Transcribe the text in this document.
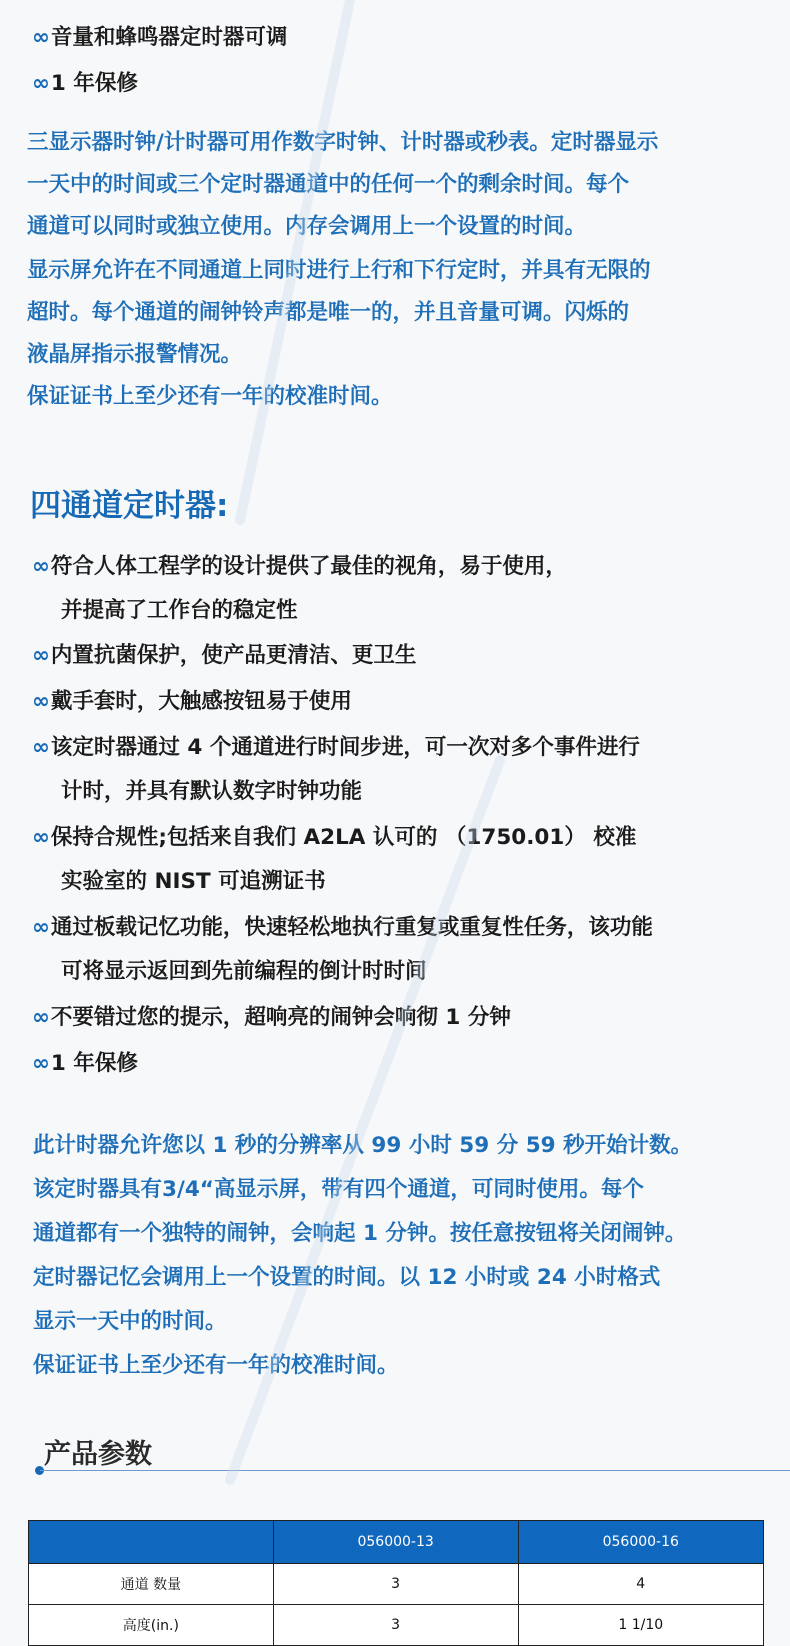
∞音量和蜂鸣器定时器可调
∞1 年保修
三显示器时钟/计时器可用作数字时钟、计时器或秒表。定时器显示
一天中的时间或三个定时器通道中的任何一个的剩余时间。每个
通道可以同时或独立使用。内存会调用上一个设置的时间。
显示屏允许在不同通道上同时进行上行和下行定时，并具有无限的
超时。每个通道的闹钟铃声都是唯一的，并且音量可调。闪烁的
液晶屏指示报警情况。
保证证书上至少还有一年的校准时间。
四通道定时器:
∞符合人体工程学的设计提供了最佳的视角，易于使用，
并提高了工作台的稳定性
∞内置抗菌保护，使产品更清洁、更卫生
∞戴手套时，大触感按钮易于使用
∞该定时器通过 4 个通道进行时间步进，可一次对多个事件进行
计时，并具有默认数字时钟功能
∞保持合规性;包括来自我们 A2LA 认可的 （1750.01） 校准
实验室的 NIST 可追溯证书
∞通过板载记忆功能，快速轻松地执行重复或重复性任务，该功能
可将显示返回到先前编程的倒计时时间
∞不要错过您的提示，超响亮的闹钟会响彻 1 分钟
∞1 年保修
此计时器允许您以 1 秒的分辨率从 99 小时 59 分 59 秒开始计数。
该定时器具有3/4“高显示屏，带有四个通道，可同时使用。每个
通道都有一个独特的闹钟，会响起 1 分钟。按任意按钮将关闭闹钟。
定时器记忆会调用上一个设置的时间。以 12 小时或 24 小时格式
显示一天中的时间。
保证证书上至少还有一年的校准时间。
产品参数
	056000-13	056000-16
通道 数量	3	4
高度(in.)	3	1 1/10
